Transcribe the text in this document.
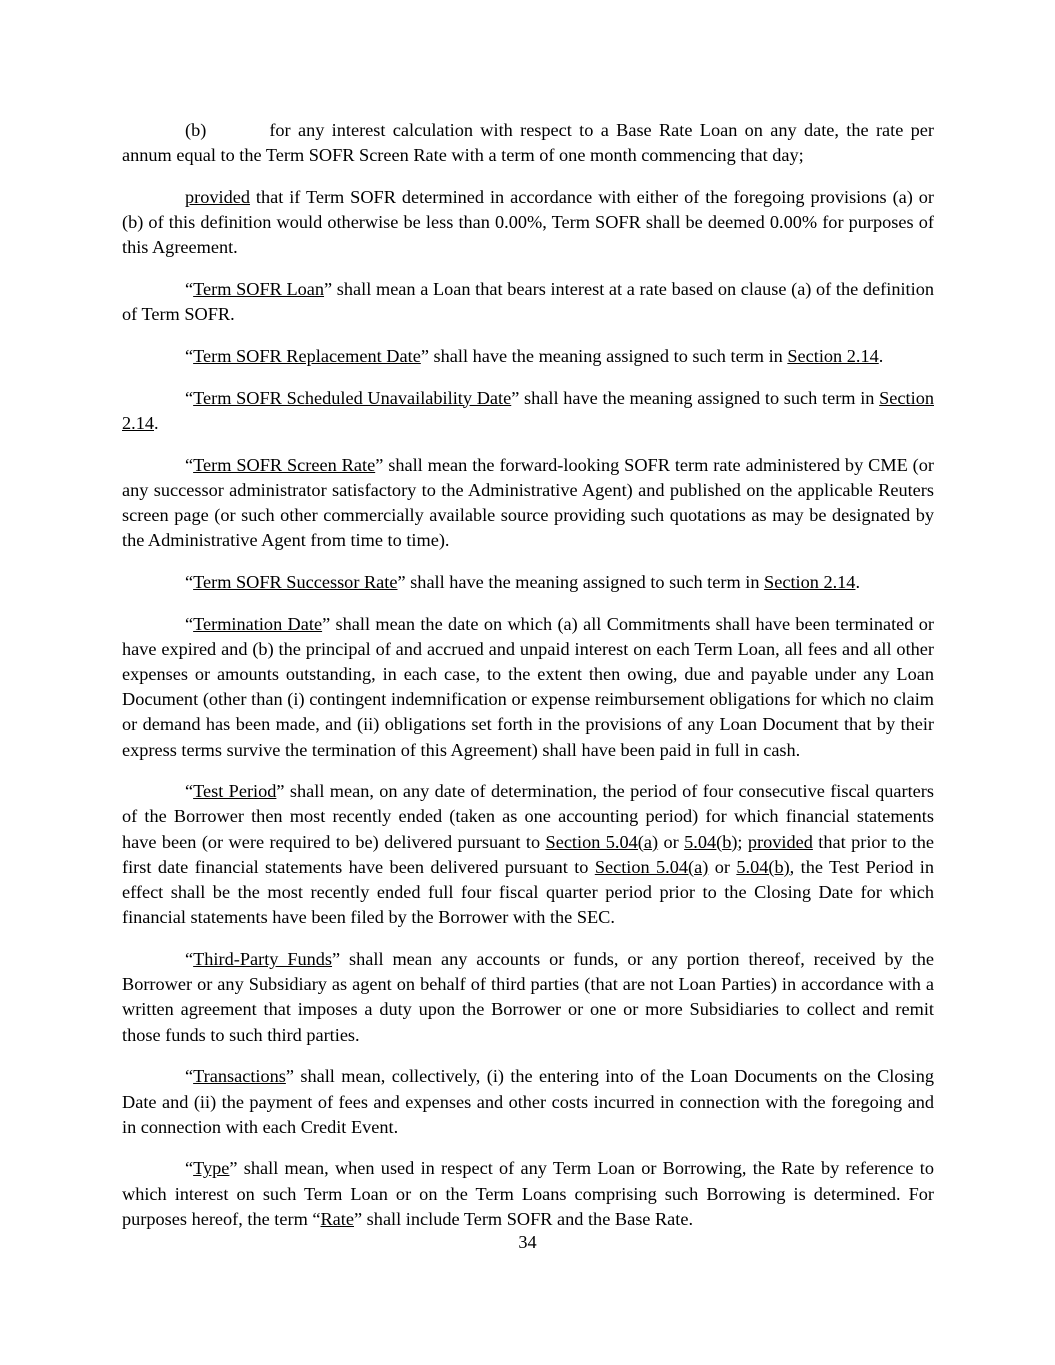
(b)	for any interest calculation with respect to a Base Rate Loan on any date, the rate per annum equal to the Term SOFR Screen Rate with a term of one month commencing that day;

provided that if Term SOFR determined in accordance with either of the foregoing provisions (a) or (b) of this definition would otherwise be less than 0.00%, Term SOFR shall be deemed 0.00% for purposes of this Agreement.

“Term SOFR Loan” shall mean a Loan that bears interest at a rate based on clause (a) of the definition of Term SOFR.

“Term SOFR Replacement Date” shall have the meaning assigned to such term in Section 2.14.

“Term SOFR Scheduled Unavailability Date” shall have the meaning assigned to such term in Section 2.14.

“Term SOFR Screen Rate” shall mean the forward-looking SOFR term rate administered by CME (or any successor administrator satisfactory to the Administrative Agent) and published on the applicable Reuters screen page (or such other commercially available source providing such quotations as may be designated by the Administrative Agent from time to time).

“Term SOFR Successor Rate” shall have the meaning assigned to such term in Section 2.14.

“Termination Date” shall mean the date on which (a) all Commitments shall have been terminated or have expired and (b) the principal of and accrued and unpaid interest on each Term Loan, all fees and all other expenses or amounts outstanding, in each case, to the extent then owing, due and payable under any Loan Document (other than (i) contingent indemnification or expense reimbursement obligations for which no claim or demand has been made, and (ii) obligations set forth in the provisions of any Loan Document that by their express terms survive the termination of this Agreement) shall have been paid in full in cash.

“Test Period” shall mean, on any date of determination, the period of four consecutive fiscal quarters of the Borrower then most recently ended (taken as one accounting period) for which financial statements have been (or were required to be) delivered pursuant to Section 5.04(a) or 5.04(b); provided that prior to the first date financial statements have been delivered pursuant to Section 5.04(a) or 5.04(b), the Test Period in effect shall be the most recently ended full four fiscal quarter period prior to the Closing Date for which financial statements have been filed by the Borrower with the SEC.

“Third-Party Funds” shall mean any accounts or funds, or any portion thereof, received by the Borrower or any Subsidiary as agent on behalf of third parties (that are not Loan Parties) in accordance with a written agreement that imposes a duty upon the Borrower or one or more Subsidiaries to collect and remit those funds to such third parties.

“Transactions” shall mean, collectively, (i) the entering into of the Loan Documents on the Closing Date and (ii) the payment of fees and expenses and other costs incurred in connection with the foregoing and in connection with each Credit Event.

“Type” shall mean, when used in respect of any Term Loan or Borrowing, the Rate by reference to which interest on such Term Loan or on the Term Loans comprising such Borrowing is determined. For purposes hereof, the term “Rate” shall include Term SOFR and the Base Rate.

34
